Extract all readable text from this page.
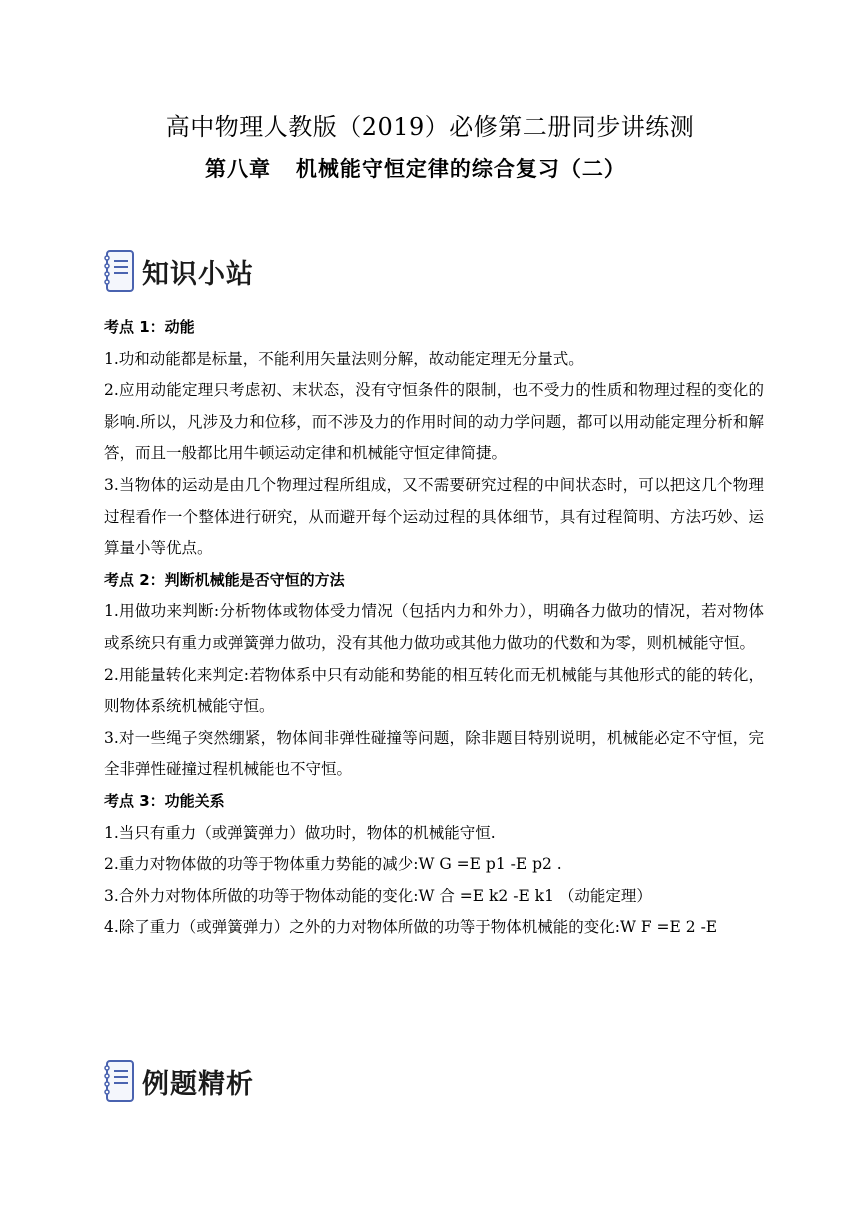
高中物理人教版（2019）必修第二册同步讲练测
第八章   机械能守恒定律的综合复习（二）
知识小站

考点 1：动能

1.功和动能都是标量，不能利用矢量法则分解，故动能定理无分量式。

2.应用动能定理只考虑初、末状态，没有守恒条件的限制，也不受力的性质和物理过程的变化的影响.所以，凡涉及力和位移，而不涉及力的作用时间的动力学问题，都可以用动能定理分析和解答，而且一般都比用牛顿运动定律和机械能守恒定律简捷。

3.当物体的运动是由几个物理过程所组成，又不需要研究过程的中间状态时，可以把这几个物理过程看作一个整体进行研究，从而避开每个运动过程的具体细节，具有过程简明、方法巧妙、运算量小等优点。

考点 2：判断机械能是否守恒的方法

1.用做功来判断:分析物体或物体受力情况（包括内力和外力），明确各力做功的情况，若对物体或系统只有重力或弹簧弹力做功，没有其他力做功或其他力做功的代数和为零，则机械能守恒。

2.用能量转化来判定:若物体系中只有动能和势能的相互转化而无机械能与其他形式的能的转化，则物体系统机械能守恒。

3.对一些绳子突然绷紧，物体间非弹性碰撞等问题，除非题目特别说明，机械能必定不守恒，完全非弹性碰撞过程机械能也不守恒。

考点 3：功能关系

1.当只有重力（或弹簧弹力）做功时，物体的机械能守恒.

2.重力对物体做的功等于物体重力势能的减少:W G =E p1 -E p2 .

3.合外力对物体所做的功等于物体动能的变化:W 合 =E k2 -E k1 （动能定理）

4.除了重力（或弹簧弹力）之外的力对物体所做的功等于物体机械能的变化:W F =E 2 -E

例题精析
